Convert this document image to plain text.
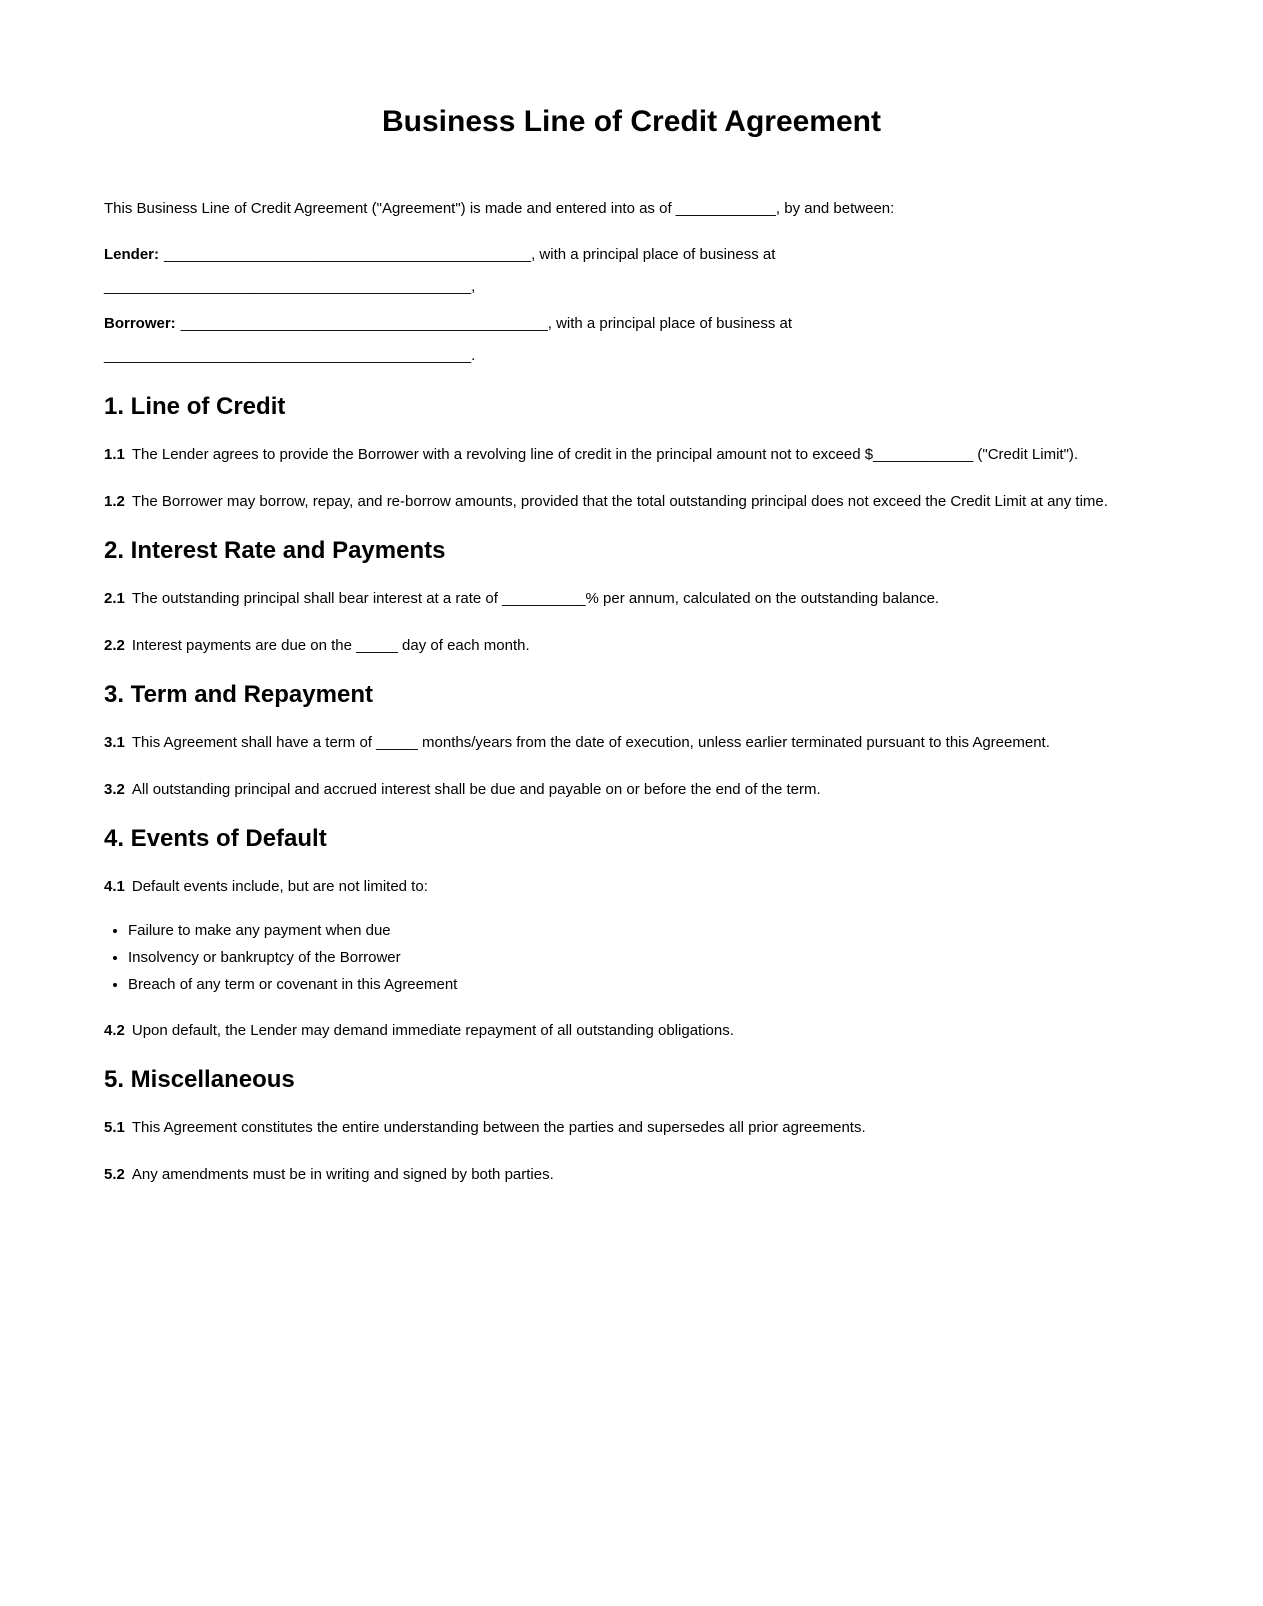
Business Line of Credit Agreement

This Business Line of Credit Agreement ("Agreement") is made and entered into as of ____________, by and between:

Lender: ____________________________________________, with a principal place of business at
____________________________________________,

Borrower: ____________________________________________, with a principal place of business at
____________________________________________.

1. Line of Credit

1.1 The Lender agrees to provide the Borrower with a revolving line of credit in the principal amount not to exceed $____________ ("Credit Limit").

1.2 The Borrower may borrow, repay, and re-borrow amounts, provided that the total outstanding principal does not exceed the Credit Limit at any time.

2. Interest Rate and Payments

2.1 The outstanding principal shall bear interest at a rate of __________% per annum, calculated on the outstanding balance.

2.2 Interest payments are due on the _____ day of each month.

3. Term and Repayment

3.1 This Agreement shall have a term of _____ months/years from the date of execution, unless earlier terminated pursuant to this Agreement.

3.2 All outstanding principal and accrued interest shall be due and payable on or before the end of the term.

4. Events of Default

4.1 Default events include, but are not limited to:

• Failure to make any payment when due
• Insolvency or bankruptcy of the Borrower
• Breach of any term or covenant in this Agreement

4.2 Upon default, the Lender may demand immediate repayment of all outstanding obligations.

5. Miscellaneous

5.1 This Agreement constitutes the entire understanding between the parties and supersedes all prior agreements.

5.2 Any amendments must be in writing and signed by both parties.
